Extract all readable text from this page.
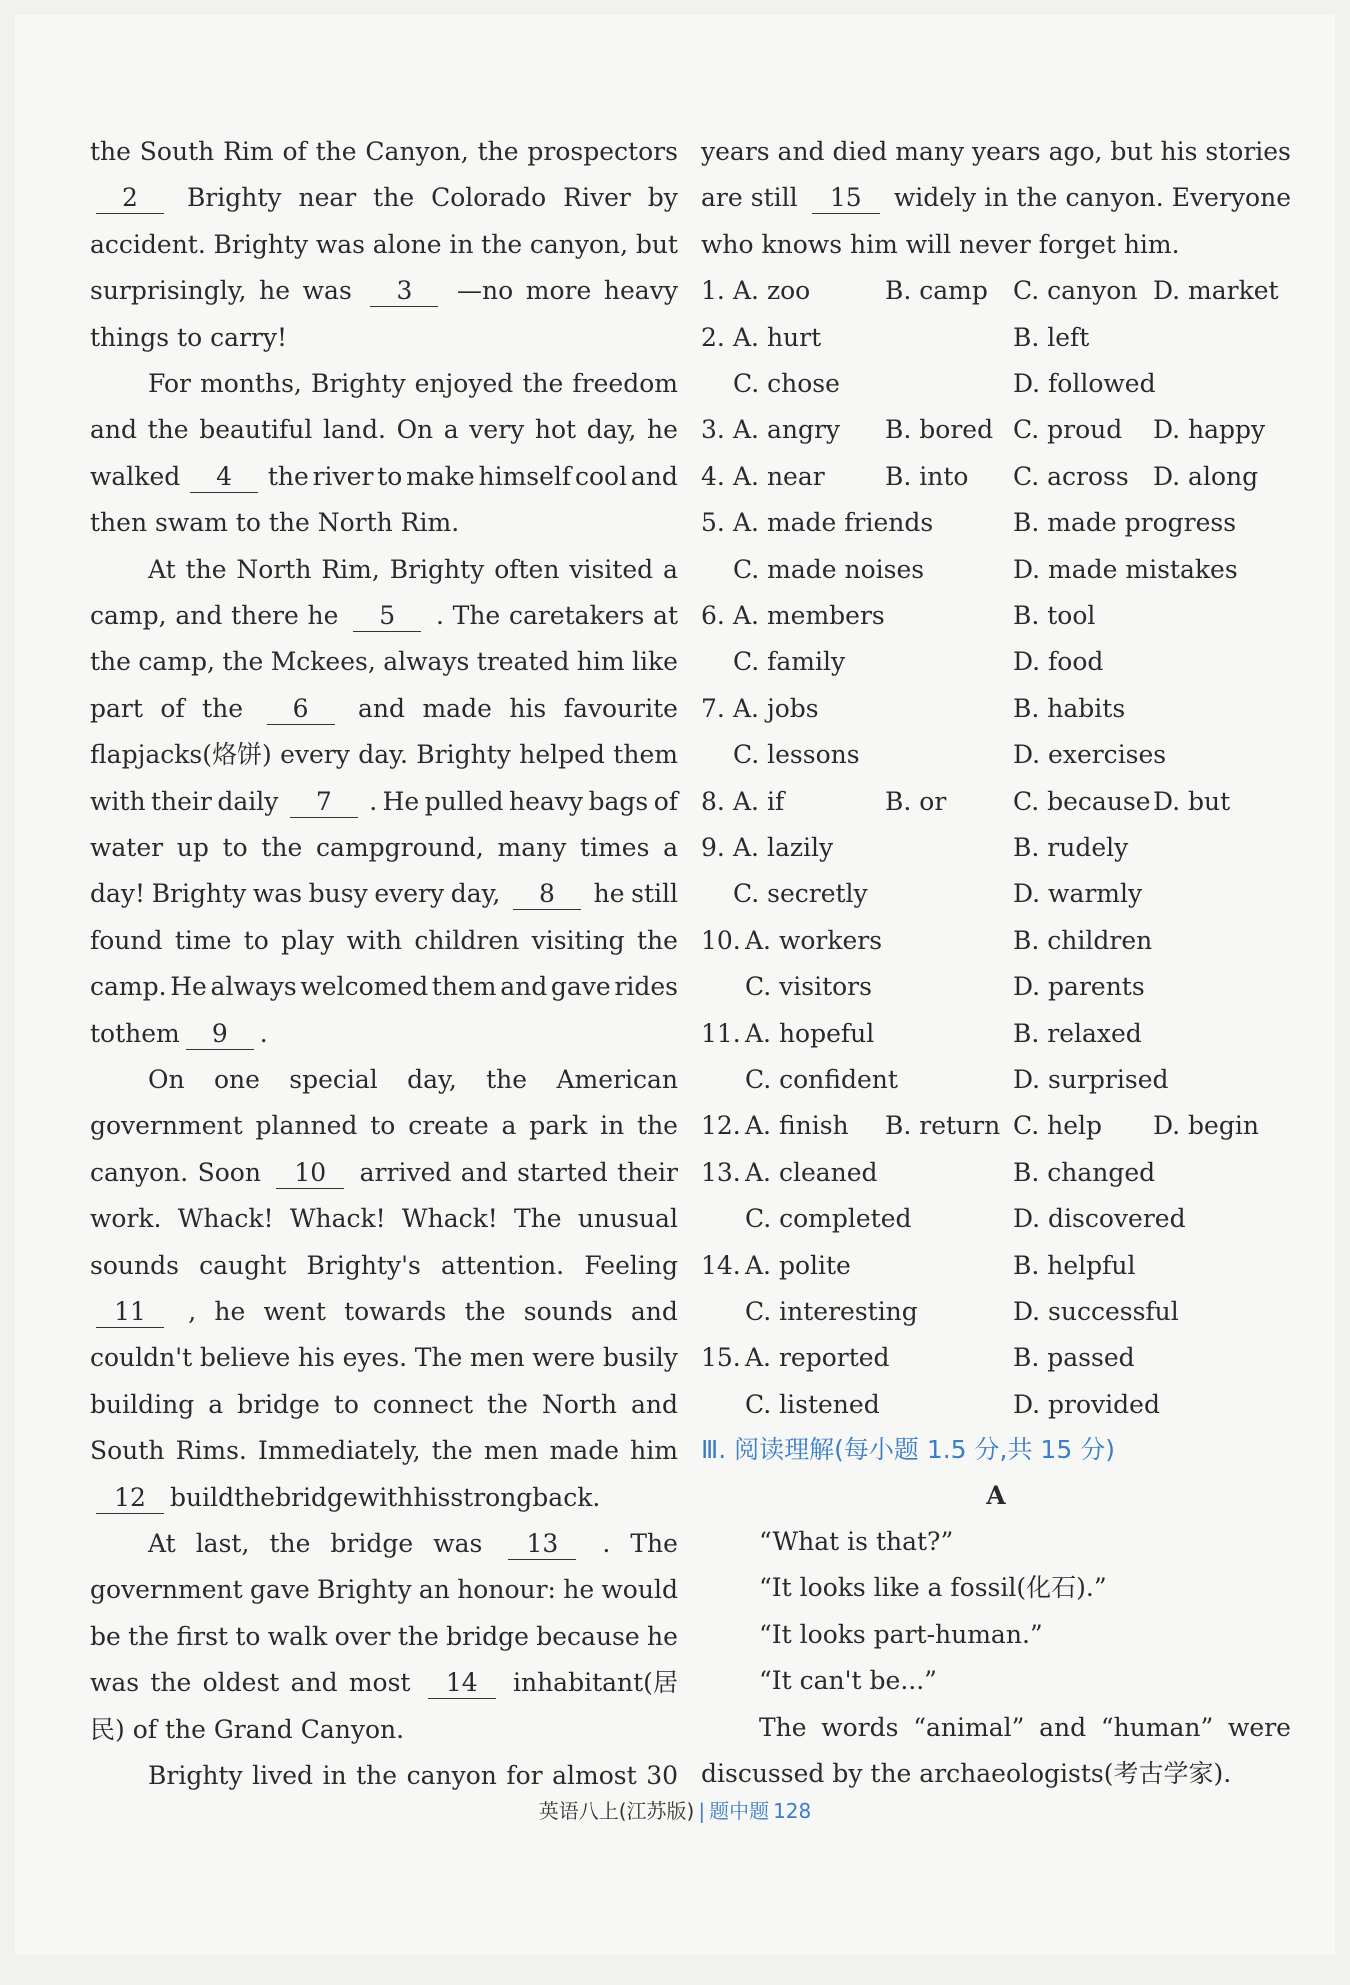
the South Rim of the Canyon, the prospectors
2	Brighty near the Colorado River by
accident. Brighty was alone in the canyon, but
surprisingly, he was	3	—no more heavy
things to carry!
For months, Brighty enjoyed the freedom
and the beautiful land. On a very hot day, he
walked	4	the river to make himself cool and
then swam to the North Rim.
At the North Rim, Brighty often visited a
camp, and there he	5	. The caretakers at
the camp, the Mckees, always treated him like
part of the	6	and made his favourite
flapjacks(烙饼) every day. Brighty helped them
with their daily	7	. He pulled heavy bags of
water up to the campground, many times a
day! Brighty was busy every day,	8	he still
found time to play with children visiting the
camp. He always welcomed them and gave rides
to them	9	.
On one special day, the American
government planned to create a park in the
canyon. Soon	10	arrived and started their
work. Whack! Whack! Whack! The unusual
sounds caught Brighty's attention. Feeling
11	, he went towards the sounds and
couldn't believe his eyes. The men were busily
building a bridge to connect the North and
South Rims. Immediately, the men made him
12 build the bridge with his strong back.
At last, the bridge was	13	. The
government gave Brighty an honour: he would
be the first to walk over the bridge because he
was the oldest and most	14	inhabitant(居
民) of the Grand Canyon.
Brighty lived in the canyon for almost 30
years and died many years ago, but his stories
are still	15	widely in the canyon. Everyone
who knows him will never forget him.
1. A. zoo	B. camp C. canyon D. market
2. A. hurt	B. left
C. chose	D. followed
3. A. angry B. bored C. proud D. happy
4. A. near B. into C. across D. along
5. A. made friends	B. made progress
C. made noises	D. made mistakes
6. A. members	B. tool
C. family	D. food
7. A. jobs	B. habits
C. lessons	D. exercises
8. A. if	B. or	C. because D. but
9. A. lazily	B. rudely
C. secretly	D. warmly
10. A. workers	B. children
C. visitors	D. parents
11. A. hopeful	B. relaxed
C. confident	D. surprised
12. A. finish B. return C. help D. begin
13. A. cleaned	B. changed
C. completed	D. discovered
14. A. polite	B. helpful
C. interesting	D. successful
15. A. reported	B. passed
C. listened	D. provided
Ⅲ. 阅读理解(每小题 1.5 分,共 15 分)
A
“What is that?”
“It looks like a fossil(化石).”
“It looks part-human.”
“It can't be...”
The words “animal” and “human” were
discussed by the archaeologists(考古学家).
英语八上(江苏版) | 题中题 128
